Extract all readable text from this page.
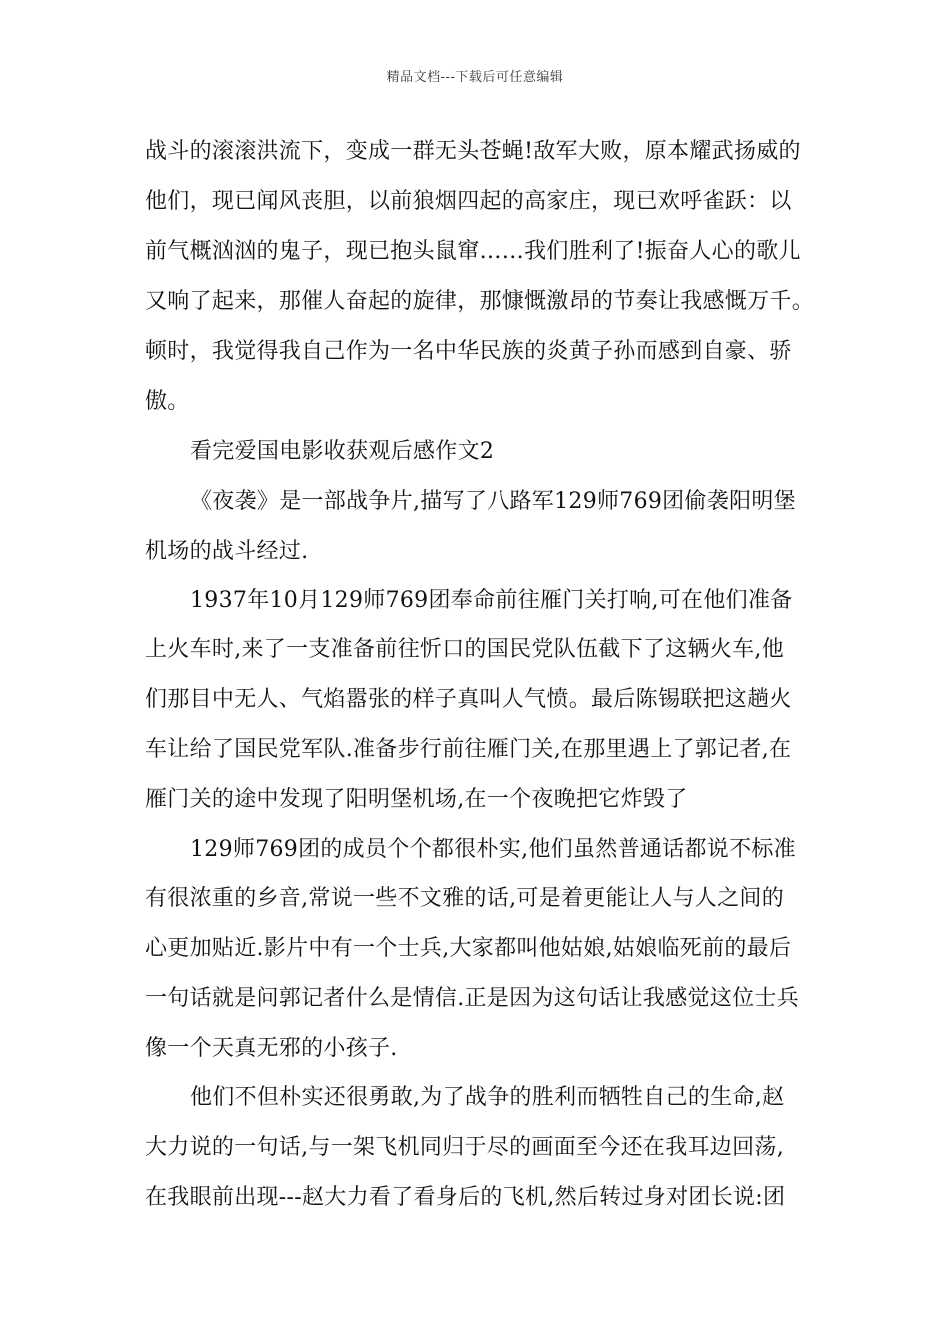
精品文档---下载后可任意编辑
战斗的滚滚洪流下，变成一群无头苍蝇!敌军大败，原本耀武扬威的
他们，现已闻风丧胆，以前狼烟四起的高家庄，现已欢呼雀跃：以
前气概汹汹的鬼子，现已抱头鼠窜……我们胜利了!振奋人心的歌儿
又响了起来，那催人奋起的旋律，那慷慨激昂的节奏让我感慨万千。
顿时，我觉得我自己作为一名中华民族的炎黄子孙而感到自豪、骄
傲。
看完爱国电影收获观后感作文2
《夜袭》是一部战争片,描写了八路军129师769团偷袭阳明堡
机场的战斗经过.
1937年10月129师769团奉命前往雁门关打响,可在他们准备
上火车时,来了一支准备前往忻口的国民党队伍截下了这辆火车,他
们那目中无人、气焰嚣张的样子真叫人气愤。最后陈锡联把这趟火
车让给了国民党军队.准备步行前往雁门关,在那里遇上了郭记者,在
雁门关的途中发现了阳明堡机场,在一个夜晚把它炸毁了
129师769团的成员个个都很朴实,他们虽然普通话都说不标准
有很浓重的乡音,常说一些不文雅的话,可是着更能让人与人之间的
心更加贴近.影片中有一个士兵,大家都叫他姑娘,姑娘临死前的最后
一句话就是问郭记者什么是情信.正是因为这句话让我感觉这位士兵
像一个天真无邪的小孩子.
他们不但朴实还很勇敢,为了战争的胜利而牺牲自己的生命,赵
大力说的一句话,与一架飞机同归于尽的画面至今还在我耳边回荡,
在我眼前出现---赵大力看了看身后的飞机,然后转过身对团长说:团
